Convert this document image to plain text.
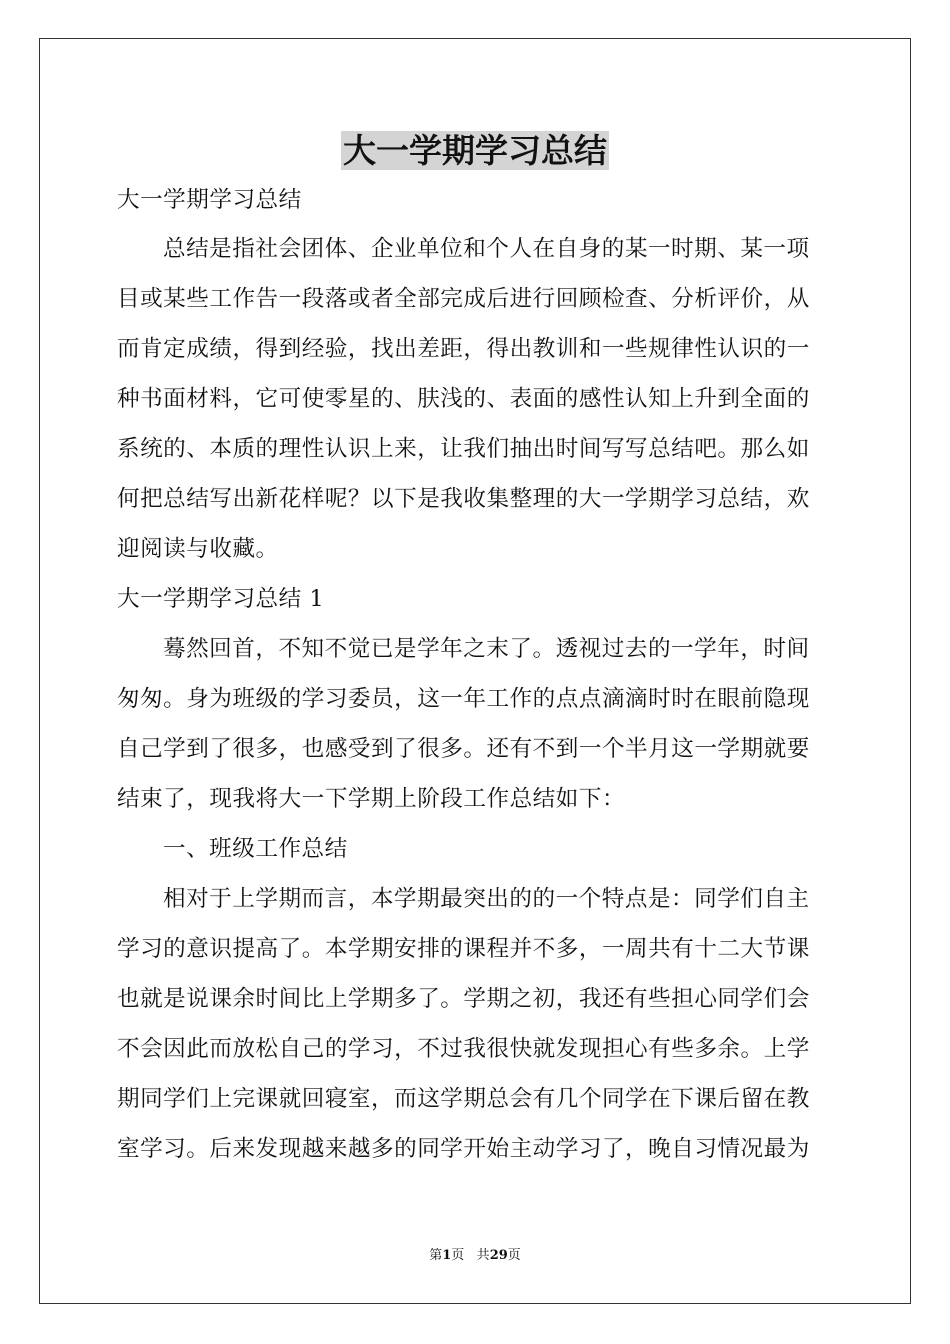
大一学期学习总结
大一学期学习总结
总结是指社会团体、企业单位和个人在自身的某一时期、某一项
目或某些工作告一段落或者全部完成后进行回顾检查、分析评价，从
而肯定成绩，得到经验，找出差距，得出教训和一些规律性认识的一
种书面材料，它可使零星的、肤浅的、表面的感性认知上升到全面的
系统的、本质的理性认识上来，让我们抽出时间写写总结吧。那么如
何把总结写出新花样呢？以下是我收集整理的大一学期学习总结，欢
迎阅读与收藏。
大一学期学习总结 1
蓦然回首，不知不觉已是学年之末了。透视过去的一学年，时间
匆匆。身为班级的学习委员，这一年工作的点点滴滴时时在眼前隐现
自己学到了很多，也感受到了很多。还有不到一个半月这一学期就要
结束了，现我将大一下学期上阶段工作总结如下：
一、班级工作总结
相对于上学期而言，本学期最突出的的一个特点是：同学们自主
学习的意识提高了。本学期安排的课程并不多，一周共有十二大节课
也就是说课余时间比上学期多了。学期之初，我还有些担心同学们会
不会因此而放松自己的学习，不过我很快就发现担心有些多余。上学
期同学们上完课就回寝室，而这学期总会有几个同学在下课后留在教
室学习。后来发现越来越多的同学开始主动学习了，晚自习情况最为
第1页 共29页
